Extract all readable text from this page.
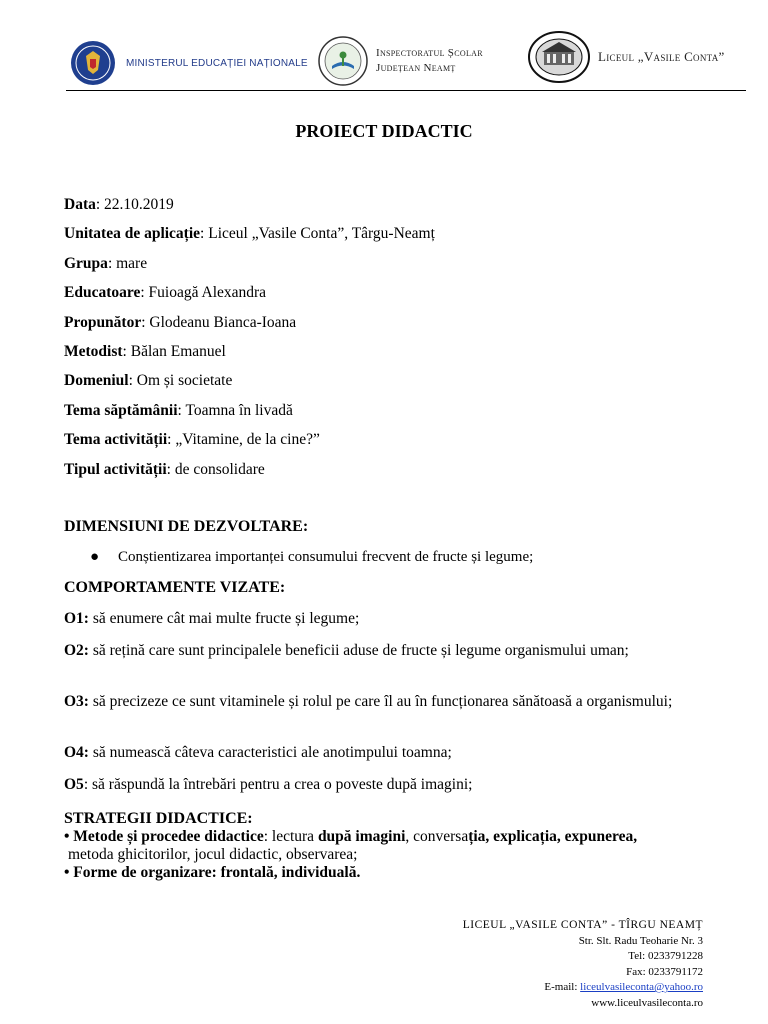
MINISTERUL EDUCAȚIEI NAȚIONALE
Inspectoratul Școlar
Județean Neamț
Liceul „Vasile Conta”
PROIECT DIDACTIC
Data: 22.10.2019
Unitatea de aplicație: Liceul „Vasile Conta”, Târgu-Neamț
Grupa: mare
Educatoare: Fuioagă Alexandra
Propunător: Glodeanu Bianca-Ioana
Metodist: Bălan Emanuel
Domeniul: Om și societate
Tema săptămânii: Toamna în livadă
Tema activității: „Vitamine, de la cine?”
Tipul activității: de consolidare
DIMENSIUNI DE DEZVOLTARE:
●	Conștientizarea importanței consumului frecvent de fructe și legume;
COMPORTAMENTE VIZATE:
O1: să enumere cât mai multe fructe și legume;
O2: să rețină care sunt principalele beneficii aduse de fructe și legume organismului uman;
O3: să precizeze ce sunt vitaminele și rolul pe care îl au în funcționarea sănătoasă a organismului;
O4: să numească câteva caracteristici ale anotimpului toamna;
O5: să răspundă la întrebări pentru a crea o poveste după imagini;
STRATEGII DIDACTICE:
• Metode și procedee didactice: lectura după imagini, conversația, explicația, expunerea,
metoda ghicitorilor, jocul didactic, observarea;
• Forme de organizare: frontală, individuală.
LICEUL „VASILE CONTA” - TÎRGU NEAMȚ
Str. Slt. Radu Teoharie Nr. 3
Tel: 0233791228
Fax: 0233791172
E-mail: liceulvasileconta@yahoo.ro
www.liceulvasileconta.ro
